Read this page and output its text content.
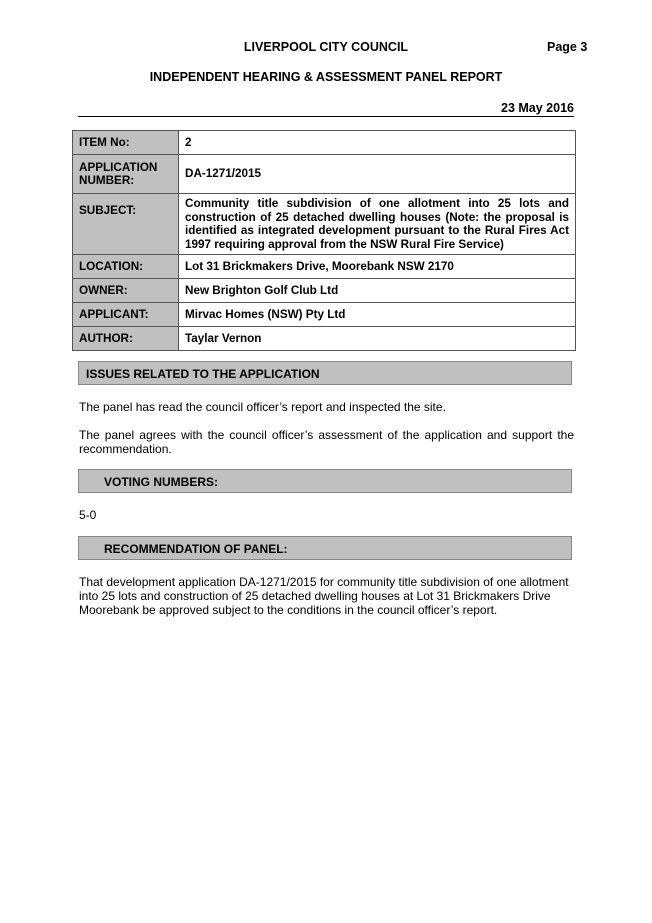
LIVERPOOL CITY COUNCIL	Page 3
INDEPENDENT HEARING & ASSESSMENT PANEL REPORT
23 May 2016
ITEM No:	2
APPLICATION NUMBER:	DA-1271/2015
SUBJECT:	Community title subdivision of one allotment into 25 lots and construction of 25 detached dwelling houses (Note: the proposal is identified as integrated development pursuant to the Rural Fires Act 1997 requiring approval from the NSW Rural Fire Service)
LOCATION:	Lot 31 Brickmakers Drive, Moorebank NSW 2170
OWNER:	New Brighton Golf Club Ltd
APPLICANT:	Mirvac Homes (NSW) Pty Ltd
AUTHOR:	Taylar Vernon
ISSUES RELATED TO THE APPLICATION
The panel has read the council officer’s report and inspected the site.
The panel agrees with the council officer’s assessment of the application and support the recommendation.
VOTING NUMBERS:
5-0
RECOMMENDATION OF PANEL:
That development application DA-1271/2015 for community title subdivision of one allotment into 25 lots and construction of 25 detached dwelling houses at Lot 31 Brickmakers Drive Moorebank be approved subject to the conditions in the council officer’s report.
